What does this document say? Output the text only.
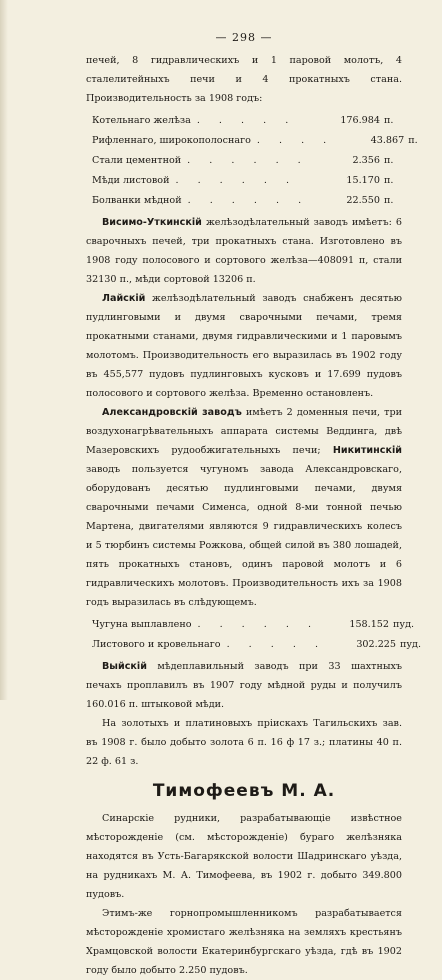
— 298 —

печей, 8 гидравлическихъ и 1 паровой молотъ, 4 сталелитейныхъ печи и 4 прокатныхъ стана. Производительность за 1908 годъ:

Котельнаго желѣза . . . . .	176.984 п.
Рифленнаго, широкополоснаго . . . .	43.867 п.
Стали цементной . . . . . .	2.356 п.
Мѣди листовой . . . . . .	15.170 п.
Болванки мѣдной . . . . . .	22.550 п.

Висимо-Уткинскій желѣзодѣлательный заводъ имѣетъ: 6 сварочныхъ печей, три прокатныхъ стана. Изготовлено въ 1908 году полосового и сортового желѣза—408091 п, стали 32130 п., мѣди сортовой 13206 п.

Лайскій желѣзодѣлательный заводъ снабженъ десятью пудлинговыми и двумя сварочными печами, тремя прокатными станами, двумя гидравлическими и 1 паровымъ молотомъ. Производительность его выразилась въ 1902 году въ 455,577 пудовъ пудлинговыхъ кусковъ и 17.699 пудовъ полосового и сортового желѣза. Временно остановленъ.

Александровскій заводъ имѣетъ 2 доменныя печи, три воздухонагрѣвательныхъ аппарата системы Веддинга, двѣ Мазеровскихъ рудообжигательныхъ печи; Никитинскій заводъ пользуется чугуномъ завода Александровскаго, оборудованъ десятью пудлинговыми печами, двумя сварочными печами Сименса, одной 8-ми тонной печью Мартена, двигателями являются 9 гидравлическихъ колесъ и 5 тюрбинъ системы Рожкова, общей силой въ 380 лошадей, пять прокатныхъ становъ, одинъ паровой молотъ и 6 гидравлическихъ молотовъ. Производительность ихъ за 1908 годъ выразилась въ слѣдующемъ.

Чугуна выплавлено . . . . . .	158.152 пуд.
Листового и кровельнаго . . . . .	302.225 пуд.

Выйскій мѣдеплавильный заводъ при 33 шахтныхъ печахъ проплавилъ въ 1907 году мѣдной руды и получилъ 160.016 п. штыковой мѣди.

На золотыхъ и платиновыхъ пріискахъ Тагильскихъ зав. въ 1908 г. было добыто золота 6 п. 16 ф 17 з.; платины 40 п. 22 ф. 61 з.

Тимофеевъ М. А.

Синарскіе рудники, разрабатывающіе извѣстное мѣсторожденіе (см. мѣсторожденіе) бураго желѣзняка находятся въ Усть-Багарякской волости Шадринскаго уѣзда, на рудникахъ М. А. Тимофеева, въ 1902 г. добыто 349.800 пудовъ.

Этимъ-же горнопромышленникомъ разрабатывается мѣсторожденіе хромистаго желѣзняка на земляхъ крестьянъ Храмцовской волости Екатеринбургскаго уѣзда, гдѣ въ 1902 году было добыто 2.250 пудовъ.
